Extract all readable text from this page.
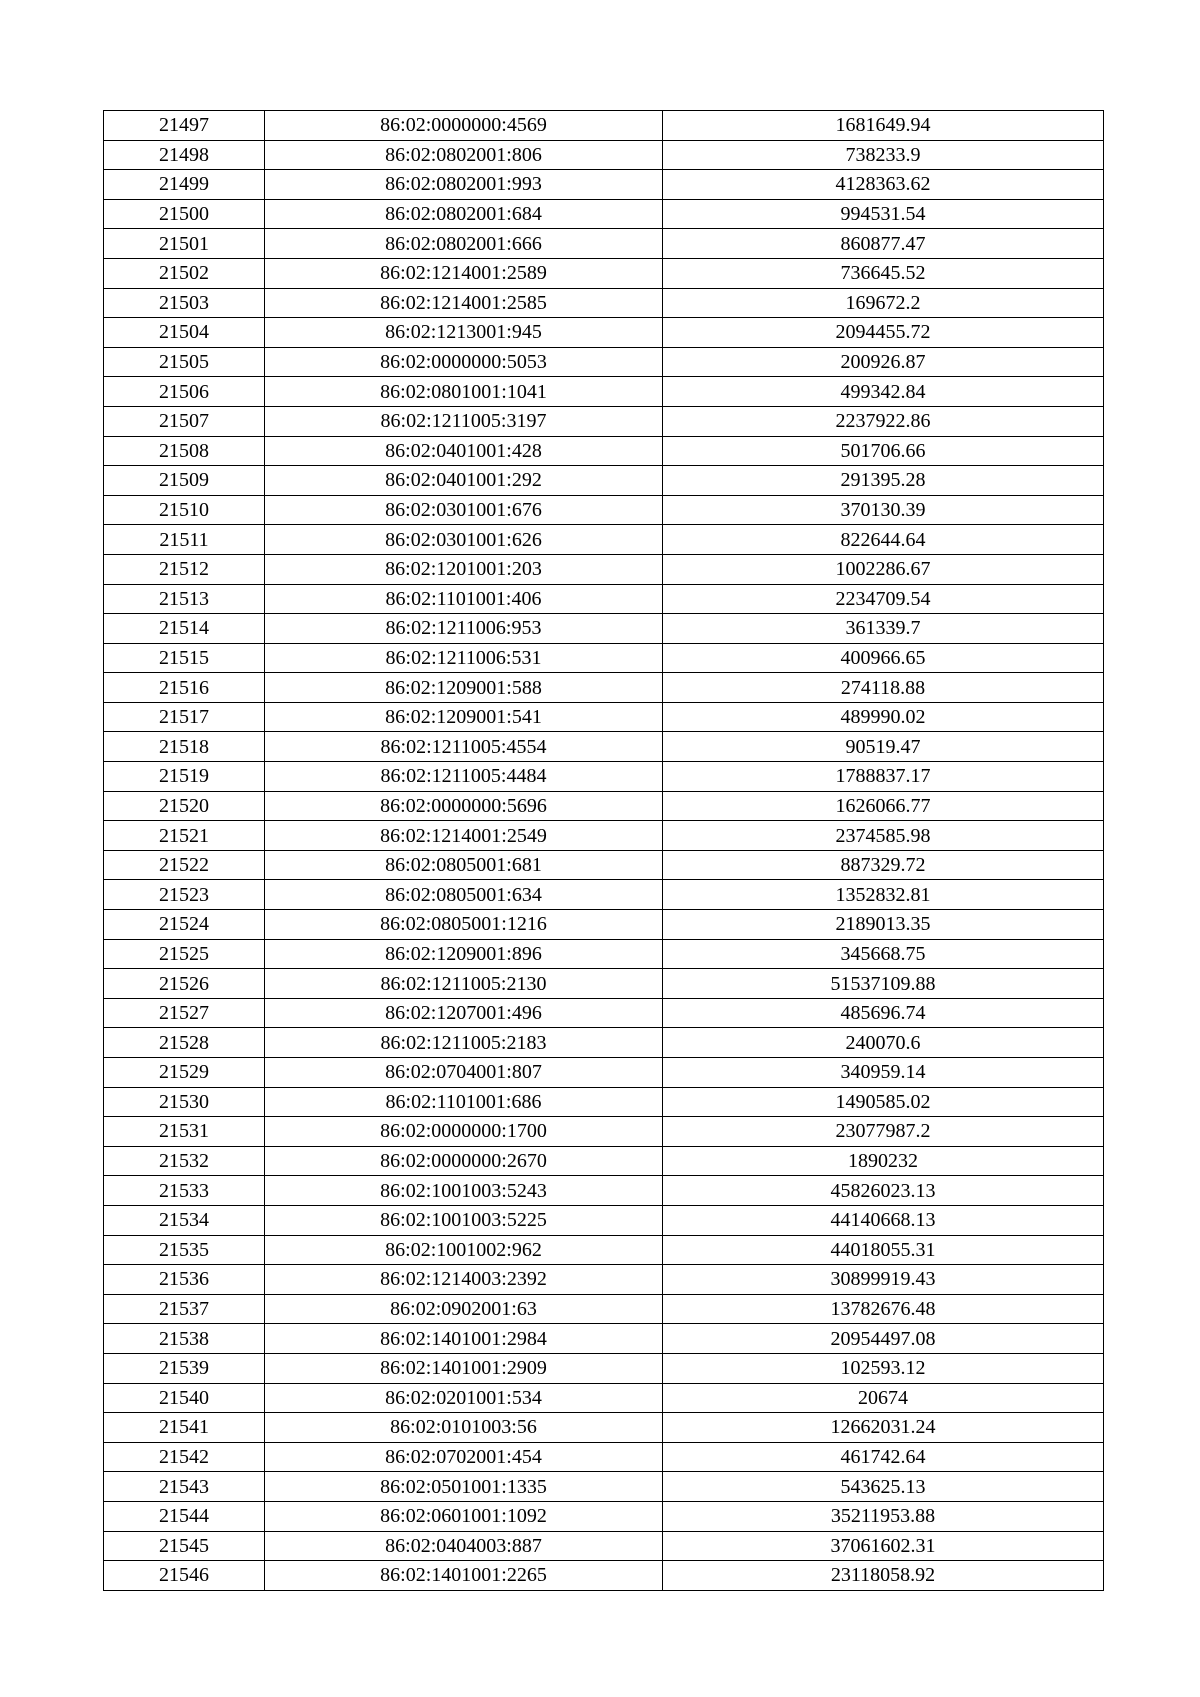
21497	86:02:0000000:4569	1681649.94
21498	86:02:0802001:806	738233.9
21499	86:02:0802001:993	4128363.62
21500	86:02:0802001:684	994531.54
21501	86:02:0802001:666	860877.47
21502	86:02:1214001:2589	736645.52
21503	86:02:1214001:2585	169672.2
21504	86:02:1213001:945	2094455.72
21505	86:02:0000000:5053	200926.87
21506	86:02:0801001:1041	499342.84
21507	86:02:1211005:3197	2237922.86
21508	86:02:0401001:428	501706.66
21509	86:02:0401001:292	291395.28
21510	86:02:0301001:676	370130.39
21511	86:02:0301001:626	822644.64
21512	86:02:1201001:203	1002286.67
21513	86:02:1101001:406	2234709.54
21514	86:02:1211006:953	361339.7
21515	86:02:1211006:531	400966.65
21516	86:02:1209001:588	274118.88
21517	86:02:1209001:541	489990.02
21518	86:02:1211005:4554	90519.47
21519	86:02:1211005:4484	1788837.17
21520	86:02:0000000:5696	1626066.77
21521	86:02:1214001:2549	2374585.98
21522	86:02:0805001:681	887329.72
21523	86:02:0805001:634	1352832.81
21524	86:02:0805001:1216	2189013.35
21525	86:02:1209001:896	345668.75
21526	86:02:1211005:2130	51537109.88
21527	86:02:1207001:496	485696.74
21528	86:02:1211005:2183	240070.6
21529	86:02:0704001:807	340959.14
21530	86:02:1101001:686	1490585.02
21531	86:02:0000000:1700	23077987.2
21532	86:02:0000000:2670	1890232
21533	86:02:1001003:5243	45826023.13
21534	86:02:1001003:5225	44140668.13
21535	86:02:1001002:962	44018055.31
21536	86:02:1214003:2392	30899919.43
21537	86:02:0902001:63	13782676.48
21538	86:02:1401001:2984	20954497.08
21539	86:02:1401001:2909	102593.12
21540	86:02:0201001:534	20674
21541	86:02:0101003:56	12662031.24
21542	86:02:0702001:454	461742.64
21543	86:02:0501001:1335	543625.13
21544	86:02:0601001:1092	35211953.88
21545	86:02:0404003:887	37061602.31
21546	86:02:1401001:2265	23118058.92
